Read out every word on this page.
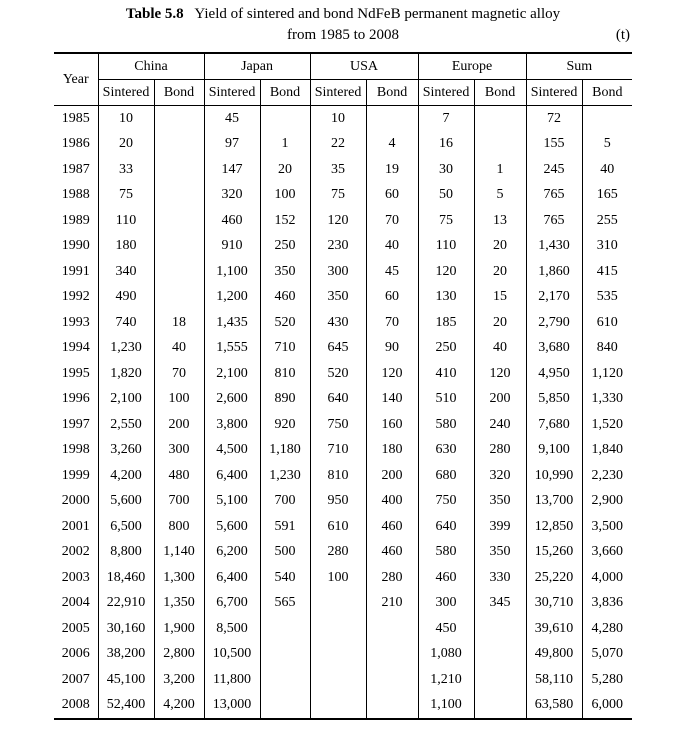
Table 5.8 Yield of sintered and bond NdFeB permanent magnetic alloy
from 1985 to 2008	(t)
Year	China		Japan		USA		Europe		Sum	
	Sintered	Bond	Sintered	Bond	Sintered	Bond	Sintered	Bond	Sintered	Bond
1985	10		45		10		7		72	
1986	20		97	1	22	4	16		155	5
1987	33		147	20	35	19	30	1	245	40
1988	75		320	100	75	60	50	5	765	165
1989	110		460	152	120	70	75	13	765	255
1990	180		910	250	230	40	110	20	1,430	310
1991	340		1,100	350	300	45	120	20	1,860	415
1992	490		1,200	460	350	60	130	15	2,170	535
1993	740	18	1,435	520	430	70	185	20	2,790	610
1994	1,230	40	1,555	710	645	90	250	40	3,680	840
1995	1,820	70	2,100	810	520	120	410	120	4,950	1,120
1996	2,100	100	2,600	890	640	140	510	200	5,850	1,330
1997	2,550	200	3,800	920	750	160	580	240	7,680	1,520
1998	3,260	300	4,500	1,180	710	180	630	280	9,100	1,840
1999	4,200	480	6,400	1,230	810	200	680	320	10,990	2,230
2000	5,600	700	5,100	700	950	400	750	350	13,700	2,900
2001	6,500	800	5,600	591	610	460	640	399	12,850	3,500
2002	8,800	1,140	6,200	500	280	460	580	350	15,260	3,660
2003	18,460	1,300	6,400	540	100	280	460	330	25,220	4,000
2004	22,910	1,350	6,700	565		210	300	345	30,710	3,836
2005	30,160	1,900	8,500				450		39,610	4,280
2006	38,200	2,800	10,500				1,080		49,800	5,070
2007	45,100	3,200	11,800				1,210		58,110	5,280
2008	52,400	4,200	13,000				1,100		63,580	6,000
